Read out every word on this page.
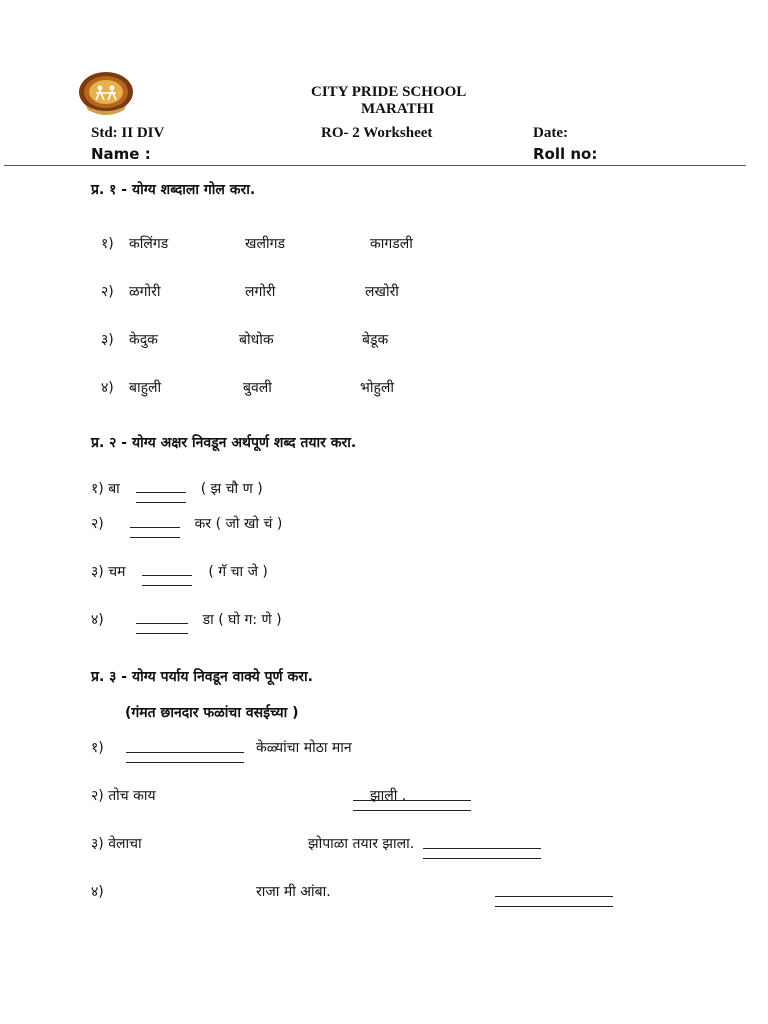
CITY PRIDE SCHOOL
MARATHI
Std: II DIV	RO- 2 Worksheet	Date:
Name :	Roll no:
प्र. १ - योग्य शब्दाला गोल करा.
१) कलिंगड	खलीगड	कागडली
२) ळगोरी	लगोरी	लखोरी
३) केदुक	बोधोक	बेडूक
४) बाहुली	बुवली	भोहुली
प्र. २ - योग्य अक्षर निवडून अर्थपूर्ण शब्द तयार करा.
१) बा	( झ चौ ण )
२)	कर ( जो खो चं )
३) चम	( गॅ चा जे )
४)	डा ( घो ग: णे )
प्र. ३ - योग्य पर्याय निवडून वाक्ये पूर्ण करा.
(गंमत छानदार फळांचा वसईच्या )
१)
	केळ्यांचा मोठा मान
२) तोच काय
	झाली .
३) वेलाचा
	झोपाळा तयार झाला.
४)	राजा मी आंबा.
